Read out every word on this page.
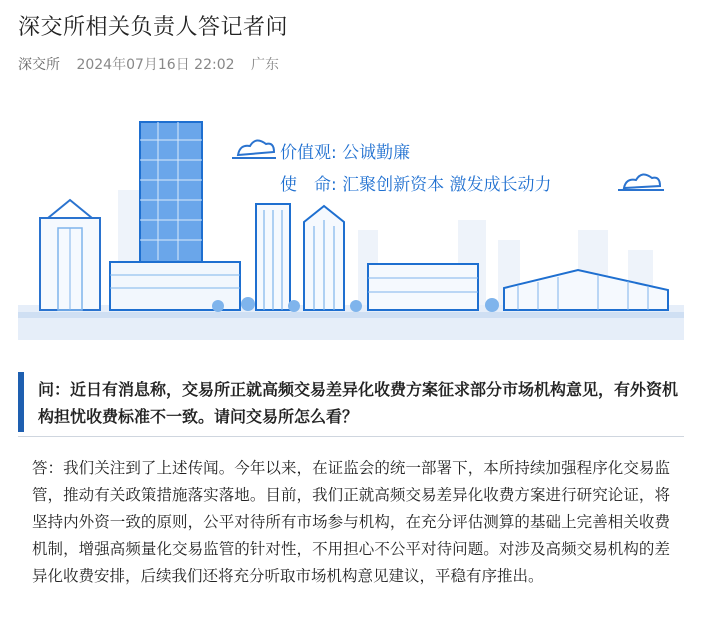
深交所相关负责人答记者问
深交所 2024年07月16日 22:02 广东
价值观: 公诚勤廉
使　命: 汇聚创新资本 激发成长动力
问：近日有消息称，交易所正就高频交易差异化收费方案征求部分市场机构意见，有外资机构担忧收费标准不一致。请问交易所怎么看？
答：我们关注到了上述传闻。今年以来，在证监会的统一部署下，本所持续加强程序化交易监管，推动有关政策措施落实落地。目前，我们正就高频交易差异化收费方案进行研究论证，将坚持内外资一致的原则，公平对待所有市场参与机构，在充分评估测算的基础上完善相关收费机制，增强高频量化交易监管的针对性，不用担心不公平对待问题。对涉及高频交易机构的差异化收费安排，后续我们还将充分听取市场机构意见建议，平稳有序推出。
